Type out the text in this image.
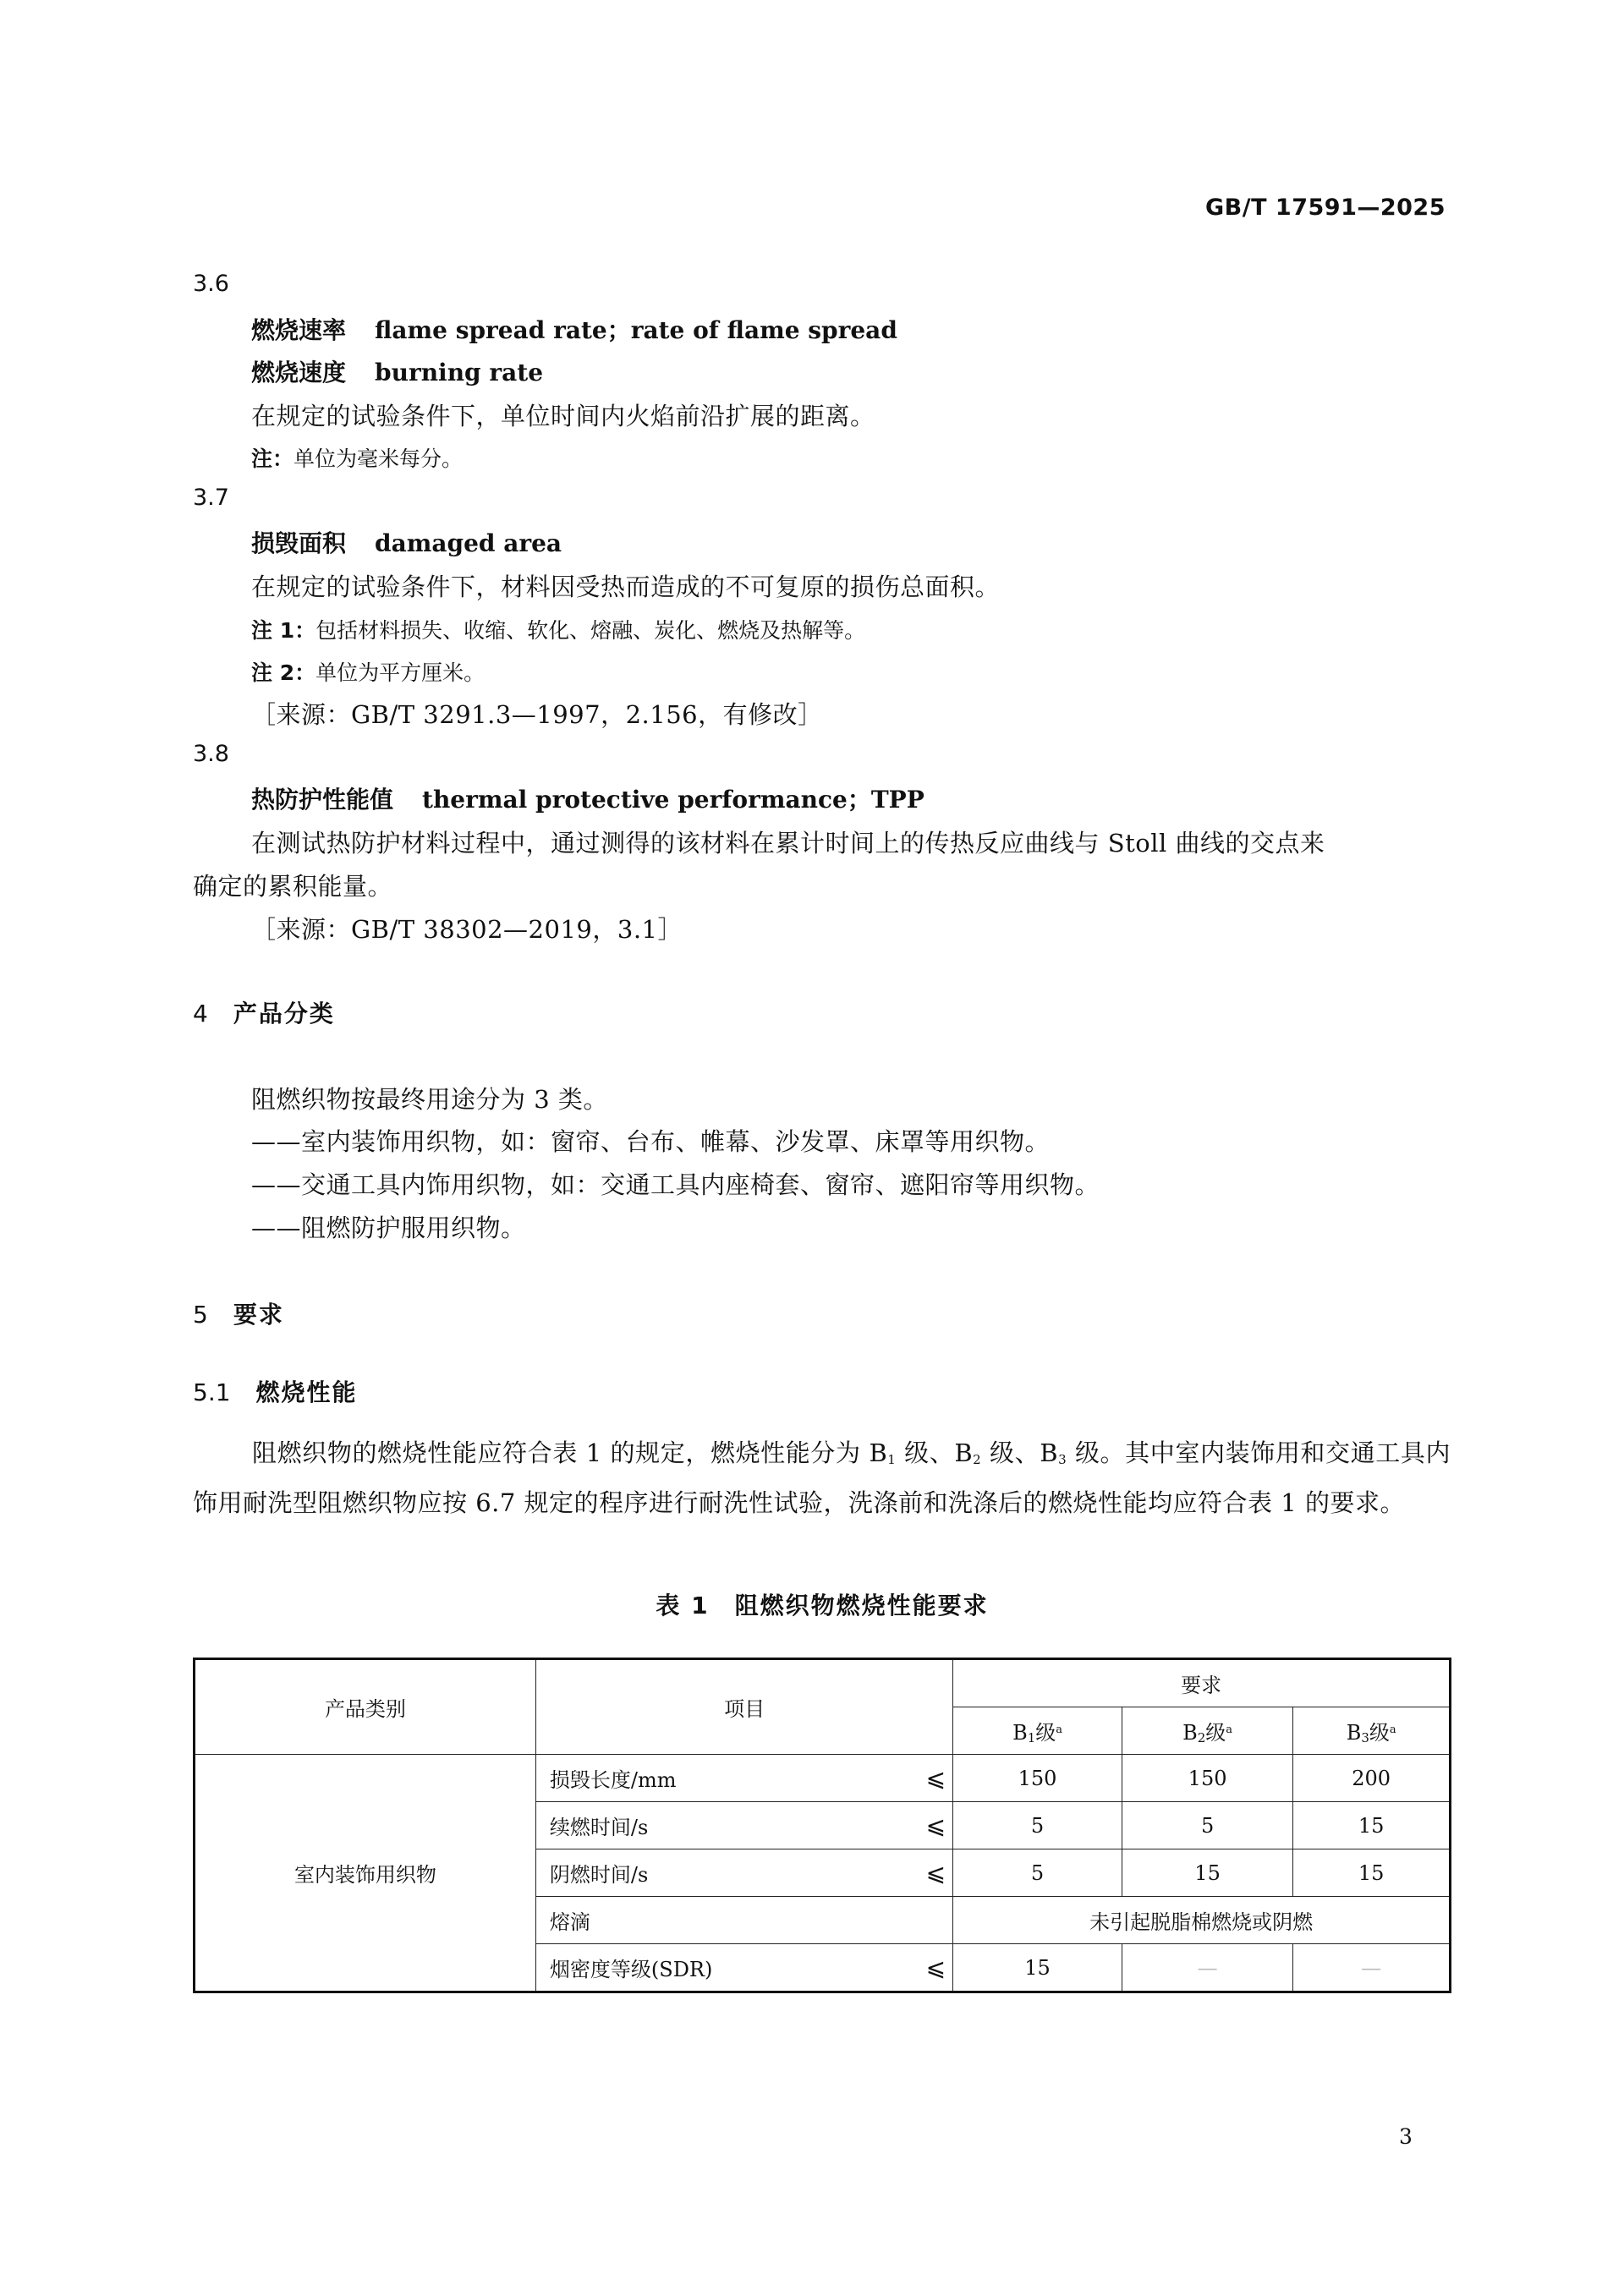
GB/T 17591—2025
3.6
燃烧速率 flame spread rate；rate of flame spread
燃烧速度 burning rate
在规定的试验条件下，单位时间内火焰前沿扩展的距离。
注：单位为毫米每分。
3.7
损毁面积 damaged area
在规定的试验条件下，材料因受热而造成的不可复原的损伤总面积。
注 1：包括材料损失、收缩、软化、熔融、炭化、燃烧及热解等。
注 2：单位为平方厘米。
［来源：GB/T 3291.3—1997，2.156，有修改］
3.8
热防护性能值 thermal protective performance；TPP
在测试热防护材料过程中，通过测得的该材料在累计时间上的传热反应曲线与 Stoll 曲线的交点来
确定的累积能量。
［来源：GB/T 38302—2019，3.1］
4 产品分类
阻燃织物按最终用途分为 3 类。
——室内装饰用织物，如：窗帘、台布、帷幕、沙发罩、床罩等用织物。
——交通工具内饰用织物，如：交通工具内座椅套、窗帘、遮阳帘等用织物。
——阻燃防护服用织物。
5 要求
5.1 燃烧性能
阻燃织物的燃烧性能应符合表 1 的规定，燃烧性能分为 $B_1$ 级、$B_2$ 级、$B_3$ 级。其中室内装饰用和交通工具内饰用耐洗型阻燃织物应按 6.7 规定的程序进行耐洗性试验，洗涤前和洗涤后的燃烧性能均应符合表 1 的要求。
表 1　阻燃织物燃烧性能要求
产品类别	项目		要求		
			$B_1$级$^a$	$B_2$级$^a$	$B_3$级$^a$
室内装饰用织物	损毁长度/mm	⩽	150	150	200
	续燃时间/s	⩽	5	5	15
	阴燃时间/s	⩽	5	15	15
	熔滴		未引起脱脂棉燃烧或阴燃		
	烟密度等级(SDR)	⩽	15	—	—
3
